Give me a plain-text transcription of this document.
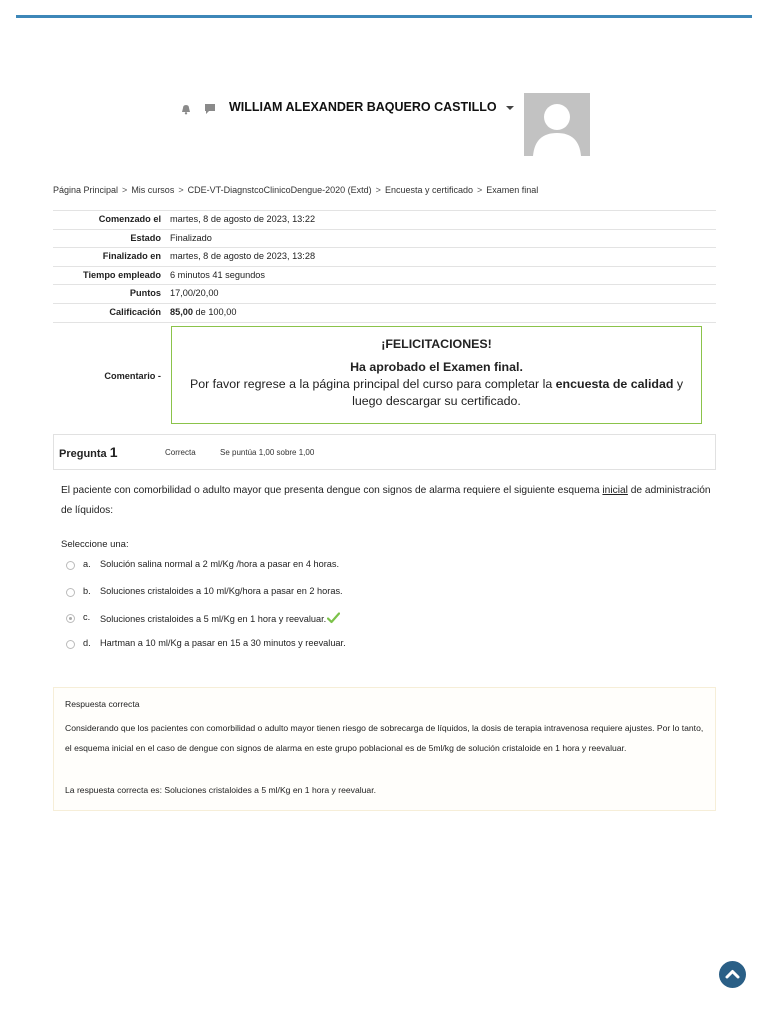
WILLIAM ALEXANDER BAQUERO CASTILLO
Página Principal > Mis cursos > CDE-VT-DiagnstcoClinicoDengue-2020 (Extd) > Encuesta y certificado > Examen final
Comenzado el martes, 8 de agosto de 2023, 13:22
Estado Finalizado
Finalizado en martes, 8 de agosto de 2023, 13:28
Tiempo empleado 6 minutos 41 segundos
Puntos 17,00/20,00
Calificación 85,00 de 100,00
Comentario -
¡FELICITACIONES!
Ha aprobado el Examen final.
Por favor regrese a la página principal del curso para completar la encuesta de calidad y luego descargar su certificado.
Pregunta 1	Correcta	Se puntúa 1,00 sobre 1,00
El paciente con comorbilidad o adulto mayor que presenta dengue con signos de alarma requiere el siguiente esquema inicial de administración de líquidos:
Seleccione una:
a. Solución salina normal a 2 ml/Kg /hora a pasar en 4 horas.
b. Soluciones cristaloides a 10 ml/Kg/hora a pasar en 2 horas.
c. Soluciones cristaloides a 5 ml/Kg en 1 hora y reevaluar.
d. Hartman a 10 ml/Kg a pasar en 15 a 30 minutos y reevaluar.
Respuesta correcta
Considerando que los pacientes con comorbilidad o adulto mayor tienen riesgo de sobrecarga de líquidos, la dosis de terapia intravenosa requiere ajustes. Por lo tanto, el esquema inicial en el caso de dengue con signos de alarma en este grupo poblacional es de 5ml/kg de solución cristaloide en 1 hora y reevaluar.
La respuesta correcta es: Soluciones cristaloides a 5 ml/Kg en 1 hora y reevaluar.
